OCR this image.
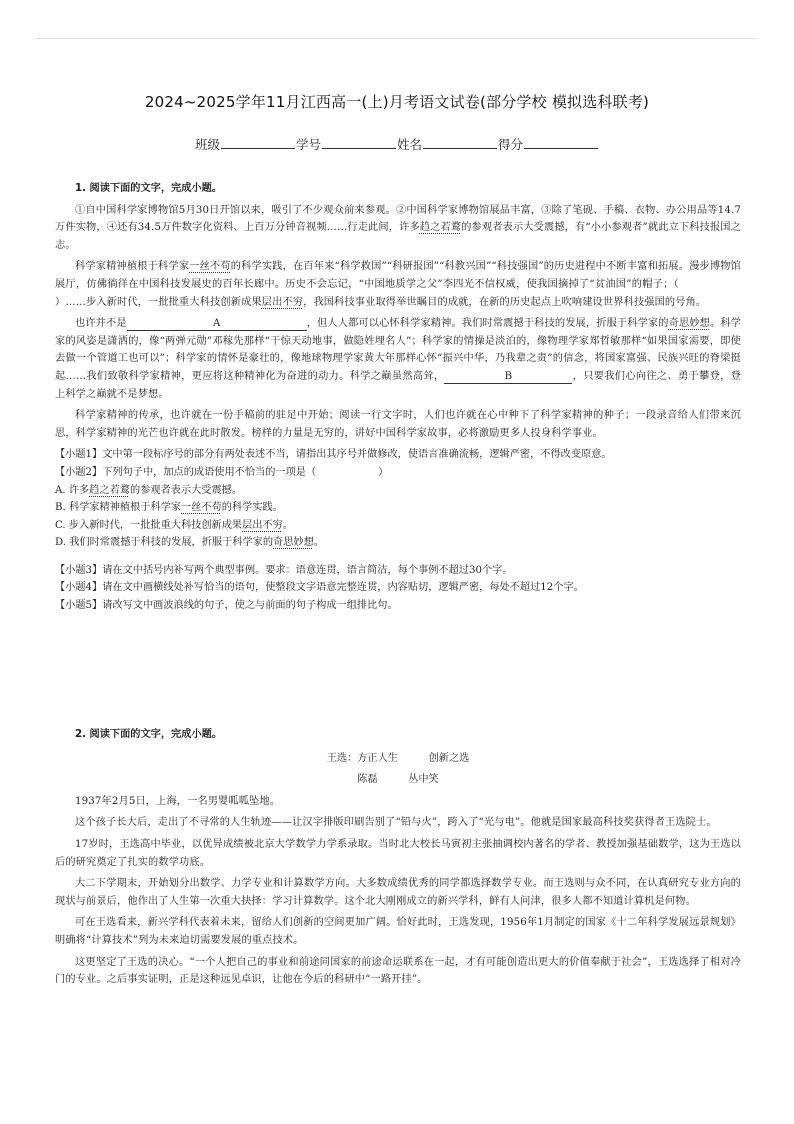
2024~2025学年11月江西高一(上)月考语文试卷(部分学校 模拟选科联考)
班级	学号	姓名	得分
1. 阅读下面的文字，完成小题。

①自中国科学家博物馆5月30日开馆以来，吸引了不少观众前来参观。②中国科学家博物馆展品丰富，③除了笔砚、手稿、衣物、办公用品等14.7万件实物，④还有34.5万件数字化资料、上百万分钟音视频……行走此间，许多趋之若鹜的参观者表示大受震撼，有“小小参观者”就此立下科技报国之志。

科学家精神植根于科学家一丝不苟的科学实践，在百年来“科学救国”“科研报国”“科教兴国”“科技强国”的历史进程中不断丰富和拓展。漫步博物馆展厅，仿佛徜徉在中国科技发展史的百年长廊中。历史不会忘记，“中国地质学之父”李四光不信权威，使我国摘掉了“贫油国”的帽子；（）……步入新时代，一批批重大科技创新成果层出不穷，我国科技事业取得举世瞩目的成就，在新的历史起点上吹响建设世界科技强国的号角。

也许并不是	A	，但人人都可以心怀科学家精神。我们时常震撼于科技的发展，折服于科学家的奇思妙想。科学家的风姿是潇洒的，像“两弹元勋”邓稼先那样“干惊天动地事，做隐姓埋名人”；科学家的情操是淡泊的，像物理学家郑哲敏那样“如果国家需要，即使去做一个管道工也可以”；科学家的情怀是豪壮的，像地球物理学家黄大年那样心怀“振兴中华，乃我辈之责”的信念，将国家富强、民族兴旺的脊梁挺起……我们致敬科学家精神，更应将这种精神化为奋进的动力。科学之巅虽然高耸，	B	，只要我们心向往之、勇于攀登，登上科学之巅就不是梦想。

科学家精神的传承，也许就在一份手稿前的驻足中开始；阅读一行文字时，人们也许就在心中种下了科学家精神的种子；一段录音给人们带来沉思，科学家精神的光芒也许就在此时散发。榜样的力量是无穷的，讲好中国科学家故事，必将激励更多人投身科学事业。

【小题1】文中第一段标序号的部分有两处表述不当，请指出其序号并做修改，使语言准确流畅，逻辑严密，不得改变原意。

【小题2】下列句子中，加点的成语使用不恰当的一项是（	）

A. 许多趋之若鹜的参观者表示大受震撼。

B. 科学家精神植根于科学家一丝不苟的科学实践。

C. 步入新时代，一批批重大科技创新成果层出不穷。

D. 我们时常震撼于科技的发展，折服于科学家的奇思妙想。

【小题3】请在文中括号内补写两个典型事例。要求：语意连贯，语言简洁，每个事例不超过30个字。

【小题4】请在文中画横线处补写恰当的语句，使整段文字语意完整连贯，内容贴切，逻辑严密，每处不超过12个字。

【小题5】请改写文中画波浪线的句子，使之与前面的句子构成一组排比句。

2. 阅读下面的文字，完成小题。

王选：方正人生　　　创新之选

陈磊　　　丛中笑

1937年2月5日，上海，一名男婴呱呱坠地。

这个孩子长大后，走出了不寻常的人生轨迹——让汉字排版印刷告别了“铅与火”，跨入了“光与电”。他就是国家最高科技奖获得者王选院士。

17岁时，王选高中毕业，以优异成绩被北京大学数学力学系录取。当时北大校长马寅初主张抽调校内著名的学者、教授加强基础数学，这为王选以后的研究奠定了扎实的数学功底。

大二下学期末，开始划分出数学、力学专业和计算数学方向。大多数成绩优秀的同学都选择数学专业。而王选则与众不同，在认真研究专业方向的现状与前景后，他作出了人生第一次重大抉择：学习计算数学。这个北大刚刚成立的新兴学科，鲜有人问津，很多人都不知道计算机是何物。

可在王选看来，新兴学科代表着未来，留给人们创新的空间更加广阔。恰好此时，王选发现，1956年1月制定的国家《十二年科学发展远景规划》明确将“计算技术”列为未来迫切需要发展的重点技术。

这更坚定了王选的决心。“一个人把自己的事业和前途同国家的前途命运联系在一起，才有可能创造出更大的价值奉献于社会”，王选选择了相对冷门的专业。之后事实证明，正是这种远见卓识，让他在今后的科研中“一路开挂”。
